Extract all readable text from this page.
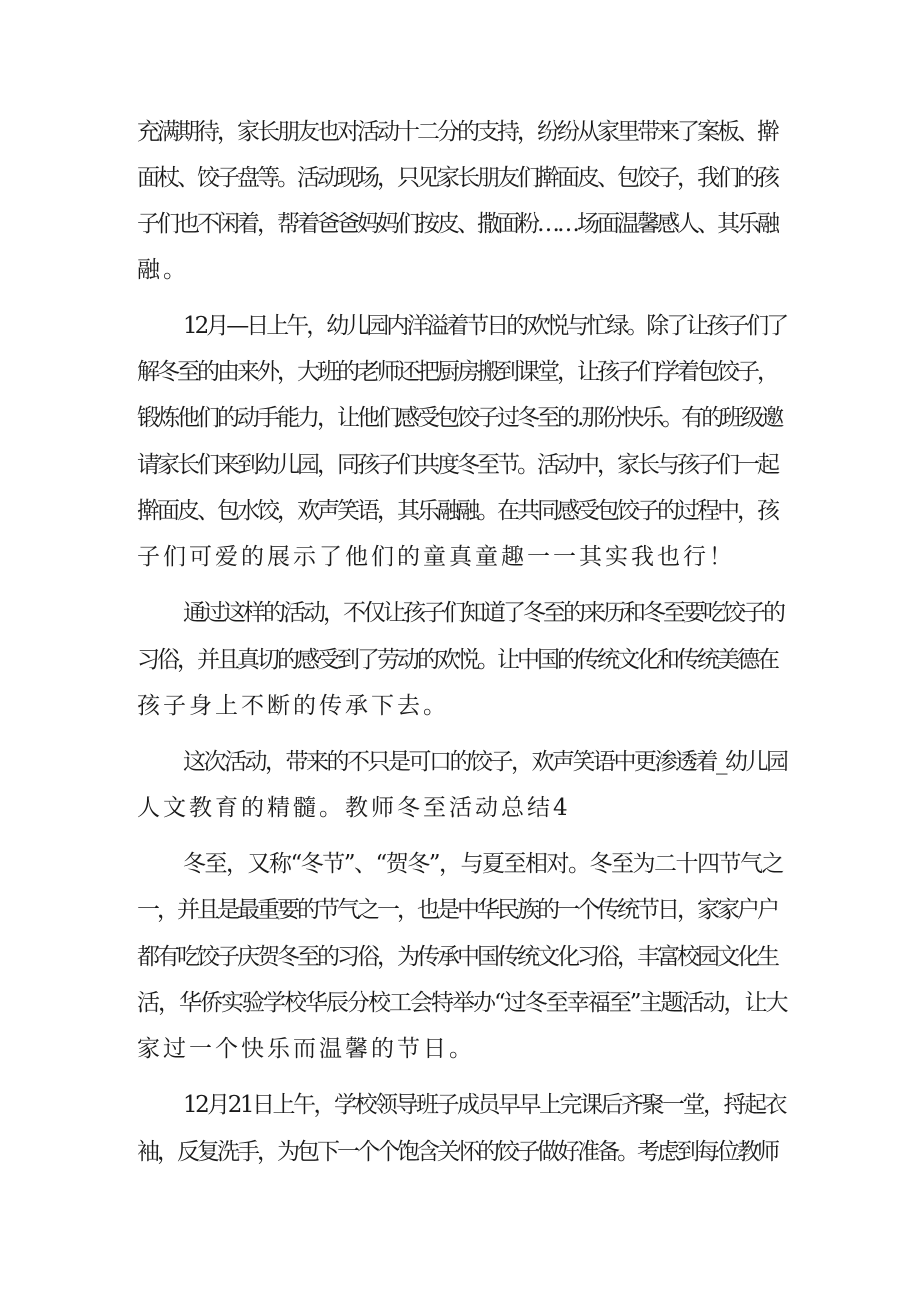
充满期待，家长朋友也对活动十二分的支持，纷纷从家里带来了案板、擀
面杖、饺子盘等。活动现场，只见家长朋友们擀面皮、包饺子，我们的孩
子们也不闲着，帮着爸爸妈妈们按皮、撒面粉……场面温馨感人、其乐融
融。
12月—日上午，幼儿园内洋溢着节日的欢悦与忙绿。除了让孩子们了
解冬至的由来外，大班的老师还把厨房搬到课堂，让孩子们学着包饺子，
锻炼他们的动手能力，让他们感受包饺子过冬至的.那份快乐。有的班级邀
请家长们来到幼儿园，同孩子们共度冬至节。活动中，家长与孩子们一起
擀面皮、包水饺，欢声笑语，其乐融融。在共同感受包饺子的过程中，孩
子们可爱的展示了他们的童真童趣一一其实我也行！
通过这样的活动，不仅让孩子们知道了冬至的来历和冬至要吃饺子的
习俗，并且真切的感受到了劳动的欢悦。让中国的传统文化和传统美德在
孩子身上不断的传承下去。
这次活动，带来的不只是可口的饺子，欢声笑语中更渗透着_幼儿园
人文教育的精髓。教师冬至活动总结4
冬至，又称“冬节”、“贺冬”，与夏至相对。冬至为二十四节气之
一，并且是最重要的节气之一，也是中华民族的一个传统节日，家家户户
都有吃饺子庆贺冬至的习俗，为传承中国传统文化习俗，丰富校园文化生
活，华侨实验学校华辰分校工会特举办“过冬至幸福至”主题活动，让大
家过一个快乐而温馨的节日。
12月21日上午，学校领导班子成员早早上完课后齐聚一堂，捋起衣
袖，反复洗手，为包下一个个饱含关怀的饺子做好准备。考虑到每位教师
